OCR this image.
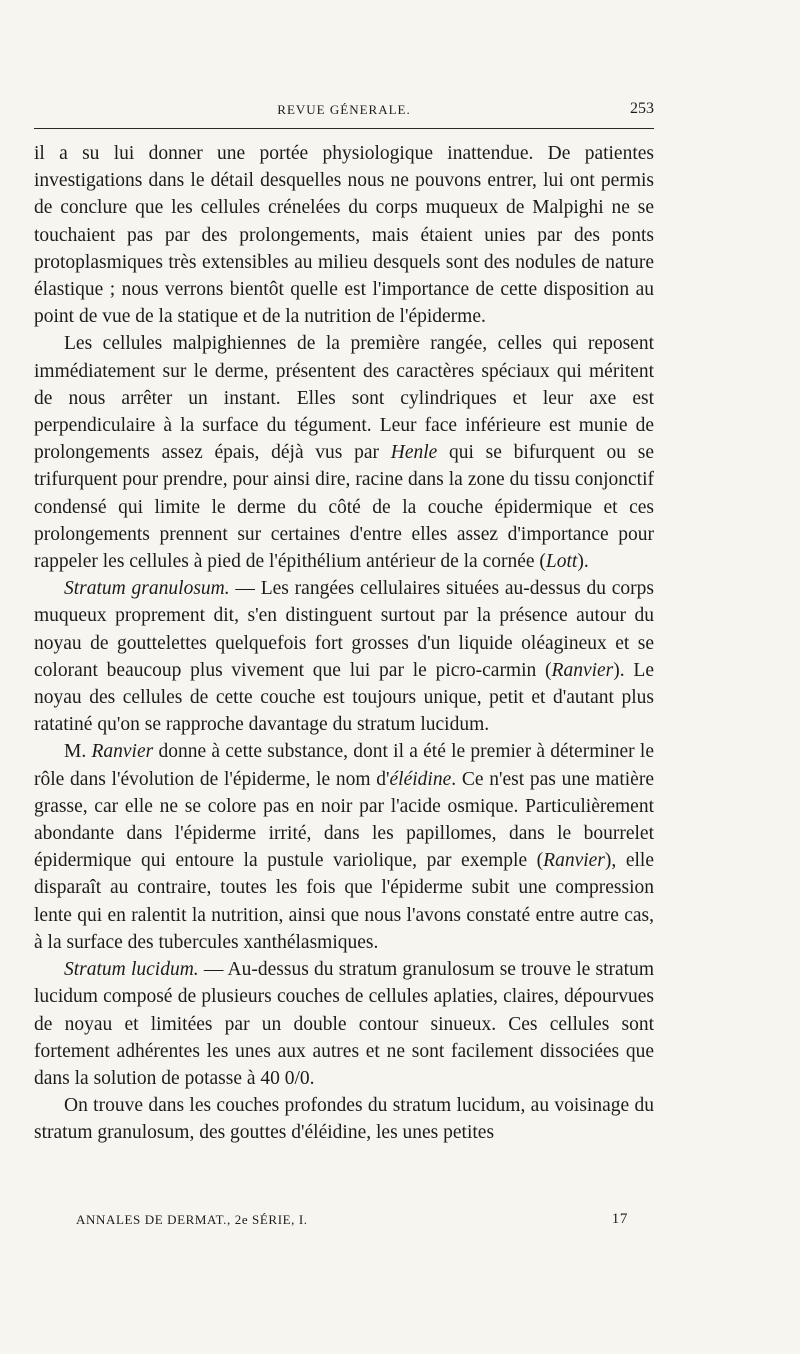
REVUE GÉNERALE.	253

il a su lui donner une portée physiologique inattendue. De patientes investigations dans le détail desquelles nous ne pouvons entrer, lui ont permis de conclure que les cellules crénelées du corps muqueux de Malpighi ne se touchaient pas par des prolongements, mais étaient unies par des ponts protoplasmiques très extensibles au milieu desquels sont des nodules de nature élastique ; nous verrons bientôt quelle est l'importance de cette disposition au point de vue de la statique et de la nutrition de l'épiderme.

Les cellules malpighiennes de la première rangée, celles qui reposent immédiatement sur le derme, présentent des caractères spéciaux qui méritent de nous arrêter un instant. Elles sont cylindriques et leur axe est perpendiculaire à la surface du tégument. Leur face inférieure est munie de prolongements assez épais, déjà vus par Henle qui se bifurquent ou se trifurquent pour prendre, pour ainsi dire, racine dans la zone du tissu conjonctif condensé qui limite le derme du côté de la couche épidermique et ces prolongements prennent sur certaines d'entre elles assez d'importance pour rappeler les cellules à pied de l'épithélium antérieur de la cornée (Lott).

Stratum granulosum. — Les rangées cellulaires situées au-dessus du corps muqueux proprement dit, s'en distinguent surtout par la présence autour du noyau de gouttelettes quelquefois fort grosses d'un liquide oléagineux et se colorant beaucoup plus vivement que lui par le picro-carmin (Ranvier). Le noyau des cellules de cette couche est toujours unique, petit et d'autant plus ratatiné qu'on se rapproche davantage du stratum lucidum.

M. Ranvier donne à cette substance, dont il a été le premier à déterminer le rôle dans l'évolution de l'épiderme, le nom d'éléidine. Ce n'est pas une matière grasse, car elle ne se colore pas en noir par l'acide osmique. Particulièrement abondante dans l'épiderme irrité, dans les papillomes, dans le bourrelet épidermique qui entoure la pustule variolique, par exemple (Ranvier), elle disparaît au contraire, toutes les fois que l'épiderme subit une compression lente qui en ralentit la nutrition, ainsi que nous l'avons constaté entre autre cas, à la surface des tubercules xanthélasmiques.

Stratum lucidum. — Au-dessus du stratum granulosum se trouve le stratum lucidum composé de plusieurs couches de cellules aplaties, claires, dépourvues de noyau et limitées par un double contour sinueux. Ces cellules sont fortement adhérentes les unes aux autres et ne sont facilement dissociées que dans la solution de potasse à 40 0/0.

On trouve dans les couches profondes du stratum lucidum, au voisinage du stratum granulosum, des gouttes d'éléidine, les unes petites

ANNALES DE DERMAT., 2e SÉRIE, I.	17
